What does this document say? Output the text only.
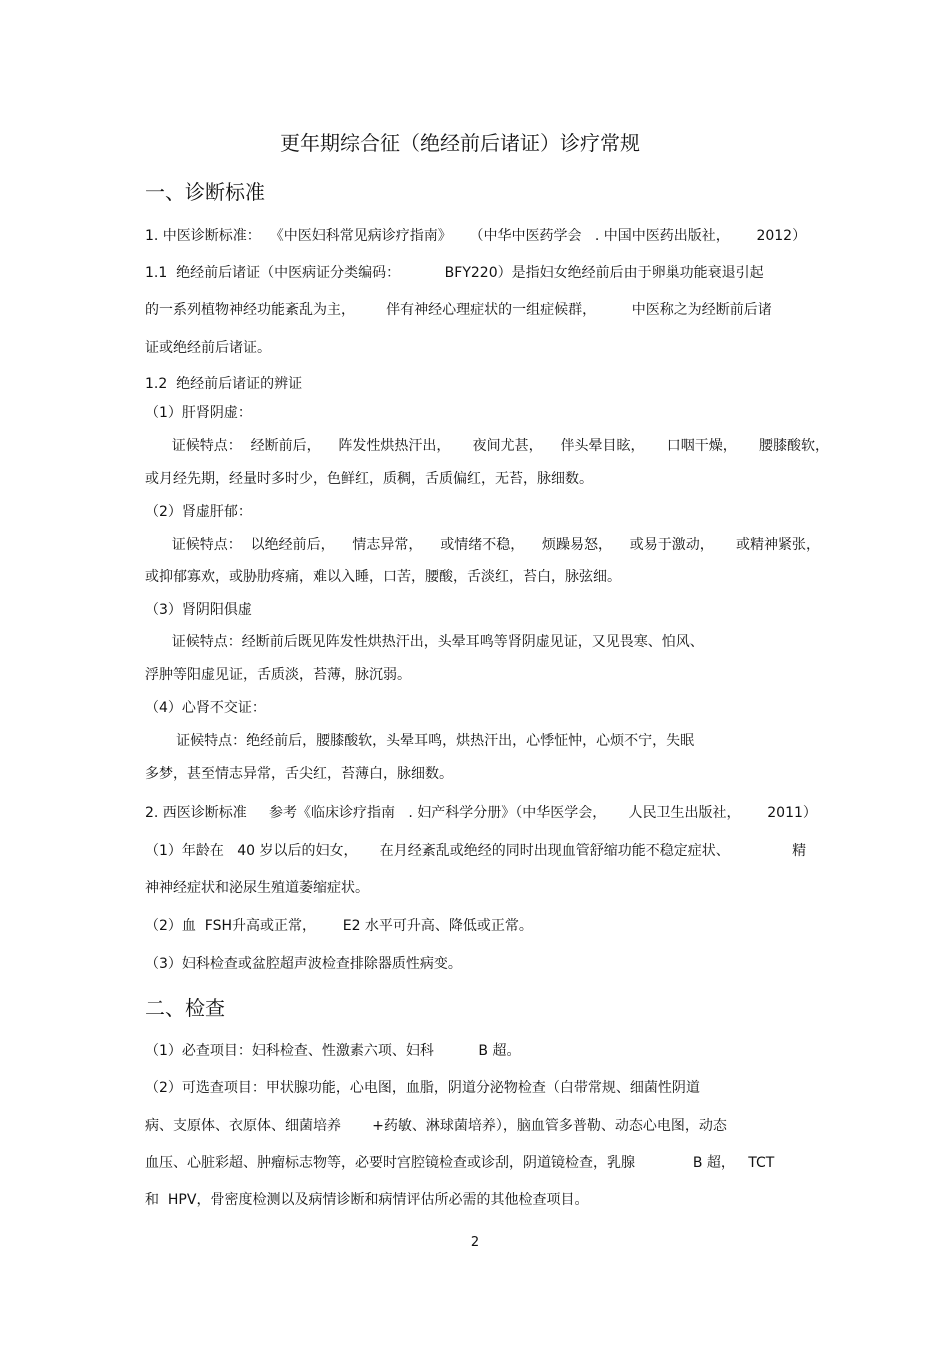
更年期综合征（绝经前后诸证）诊疗常规
一、诊断标准
1. 中医诊断标准：  《中医妇科常见病诊疗指南》    （中华中医药学会   . 中国中医药出版社，      2012）
1.1  绝经前后诸证（中医病证分类编码：          BFY220）是指妇女绝经前后由于卵巢功能衰退引起
的一系列植物神经功能紊乱为主，       伴有神经心理症状的一组症候群，        中医称之为经断前后诸
证或绝经前后诸证。
1.2  绝经前后诸证的辨证
（1）肝肾阴虚：
证候特点：  经断前后，    阵发性烘热汗出，     夜间尤甚，    伴头晕目眩，     口咽干燥，     腰膝酸软，
或月经先期，经量时多时少，色鲜红，质稠，舌质偏红，无苔，脉细数。
（2）肾虚肝郁：
证候特点：  以绝经前后，    情志异常，    或情绪不稳，    烦躁易怒，    或易于激动，     或精神紧张，
或抑郁寡欢，或胁肋疼痛，难以入睡，口苦，腰酸，舌淡红，苔白，脉弦细。
（3）肾阴阳俱虚
证候特点：经断前后既见阵发性烘热汗出，头晕耳鸣等肾阴虚见证，又见畏寒、怕风、
浮肿等阳虚见证，舌质淡，苔薄，脉沉弱。
（4）心肾不交证：
证候特点：绝经前后，腰膝酸软，头晕耳鸣，烘热汗出，心悸怔忡，心烦不宁，失眠
多梦，甚至情志异常，舌尖红，苔薄白，脉细数。
2. 西医诊断标准     参考《临床诊疗指南   . 妇产科学分册》（中华医学会，     人民卫生出版社，      2011）
（1）年龄在   40 岁以后的妇女，     在月经紊乱或绝经的同时出现血管舒缩功能不稳定症状、              精
神神经症状和泌尿生殖道萎缩症状。
（2）血  FSH升高或正常，      E2 水平可升高、降低或正常。
（3）妇科检查或盆腔超声波检查排除器质性病变。
二、检查
（1）必查项目：妇科检查、性激素六项、妇科          B 超。
（2）可选查项目：甲状腺功能，心电图，血脂，阴道分泌物检查（白带常规、细菌性阴道
病、支原体、衣原体、细菌培养       +药敏、淋球菌培养），脑血管多普勒、动态心电图，动态
血压、心脏彩超、肿瘤标志物等，必要时宫腔镜检查或诊刮，阴道镜检查，乳腺             B 超，   TCT
和  HPV，骨密度检测以及病情诊断和病情评估所必需的其他检查项目。
2
